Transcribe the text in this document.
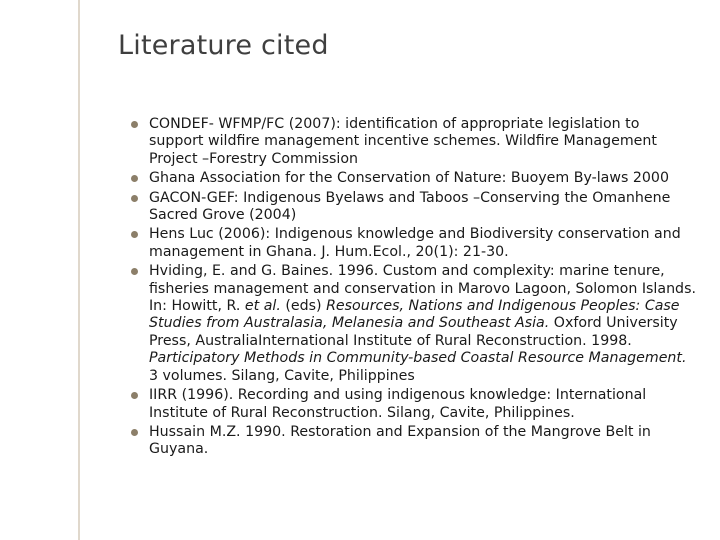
Literature cited
CONDEF- WFMP/FC (2007): identification of appropriate legislation to support wildfire management incentive schemes. Wildfire Management Project –Forestry Commission
Ghana Association for the Conservation of Nature: Buoyem By-laws 2000
GACON-GEF: Indigenous Byelaws and Taboos –Conserving the Omanhene Sacred Grove (2004)
Hens Luc (2006): Indigenous knowledge and Biodiversity conservation and management in Ghana. J. Hum.Ecol., 20(1): 21-30.
Hviding, E. and G. Baines. 1996. Custom and complexity: marine tenure, fisheries management and conservation in Marovo Lagoon, Solomon Islands. In: Howitt, R. et al. (eds) Resources, Nations and Indigenous Peoples: Case Studies from Australasia, Melanesia and Southeast Asia. Oxford University Press, AustraliaInternational Institute of Rural Reconstruction. 1998. Participatory Methods in Community-based Coastal Resource Management. 3 volumes. Silang, Cavite, Philippines
IIRR (1996). Recording and using indigenous knowledge: International Institute of Rural Reconstruction. Silang, Cavite, Philippines.
Hussain M.Z. 1990. Restoration and Expansion of the Mangrove Belt in Guyana.
